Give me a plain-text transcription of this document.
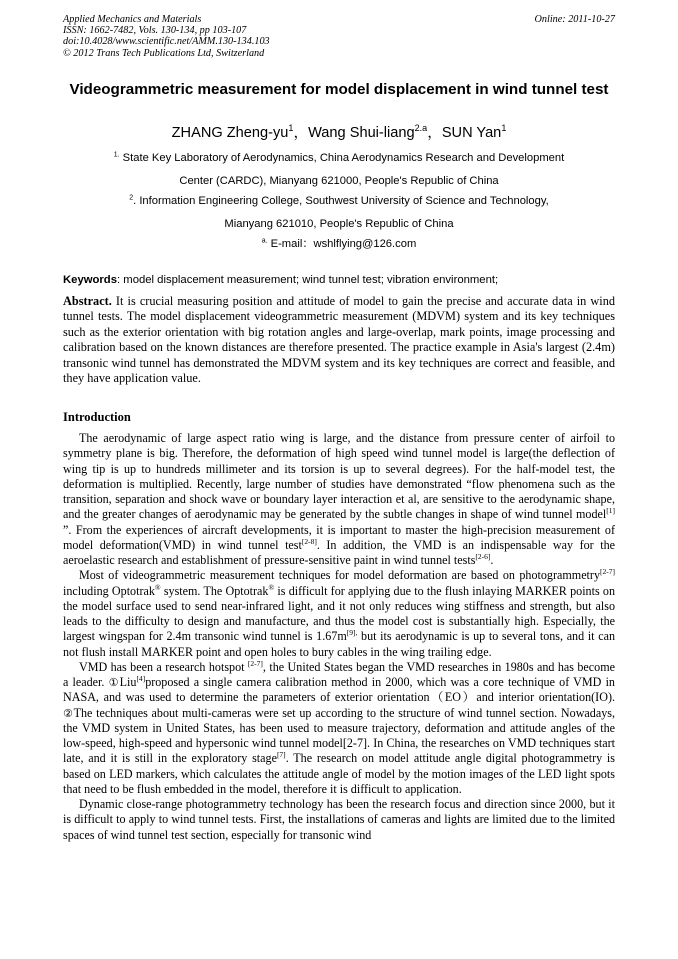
Applied Mechanics and Materials
ISSN: 1662-7482, Vols. 130-134, pp 103-107
doi:10.4028/www.scientific.net/AMM.130-134.103
© 2012 Trans Tech Publications Ltd, Switzerland
Online: 2011-10-27
Videogrammetric measurement for model displacement in wind tunnel test
ZHANG Zheng-$yu^1$，Wang Shui-liang$^{2.a}$，SUN Yan$^1$
$^{1.}$ State Key Laboratory of Aerodynamics, China Aerodynamics Research and Development
Center (CARDC), Mianyang 621000, People's Republic of China
$^2$. Information Engineering College, Southwest University of Science and Technology,
Mianyang 621010, People's Republic of China
$^{a.}$ E-mail：wshlflying@126.com
Keywords: model displacement measurement; wind tunnel test; vibration environment;
Abstract. It is crucial measuring position and attitude of model to gain the precise and accurate data in wind tunnel tests. The model displacement videogrammetric measurement (MDVM) system and its key techniques such as the exterior orientation with big rotation angles and large-overlap, mark points, image processing and calibration based on the known distances are therefore presented. The practice example in Asia's largest (2.4m) transonic wind tunnel has demonstrated the MDVM system and its key techniques are correct and feasible, and they have application value.
Introduction

The aerodynamic of large aspect ratio wing is large, and the distance from pressure center of airfoil to symmetry plane is big. Therefore, the deformation of high speed wind tunnel model is large(the deflection of wing tip is up to hundreds millimeter and its torsion is up to several degrees). For the half-model test, the deformation is multiplied. Recently, large number of studies have demonstrated “flow phenomena such as the transition, separation and shock wave or boundary layer interaction et al, are sensitive to the aerodynamic shape, and the greater changes of aerodynamic may be generated by the subtle changes in shape of wind tunnel model[1] ”. From the experiences of aircraft developments, it is important to master the high-precision measurement of model deformation(VMD) in wind tunnel test[2-8]. In addition, the VMD is an indispensable way for the aeroelastic research and establishment of pressure-sensitive paint in wind tunnel tests[2-6].

Most of videogrammetric measurement techniques for model deformation are based on photogrammetry[2-7] including Optotrak® system. The Optotrak® is difficult for applying due to the flush inlaying MARKER points on the model surface used to send near-infrared light, and it not only reduces wing stiffness and strength, but also leads to the difficulty to design and manufacture, and thus the model cost is substantially high. Especially, the largest wingspan for 2.4m transonic wind tunnel is $1.67m^{[9],}$ but its aerodynamic is up to several tons, and it can not flush install MARKER point and open holes to bury cables in the wing trailing edge.

VMD has been a research hotspot [2-7], the United States began the VMD researches in 1980s and has become a leader. ①Liu[4]proposed a single camera calibration method in 2000, which was a core technique of VMD in NASA, and was used to determine the parameters of exterior orientation（EO）and interior orientation(IO). ②The techniques about multi-cameras were set up according to the structure of wind tunnel section. Nowadays, the VMD system in United States, has been used to measure trajectory, deformation and attitude angles of the low-speed, high-speed and hypersonic wind tunnel model[2-7]. In China, the researches on VMD techniques start late, and it is still in the exploratory stage[7]. The research on model attitude angle digital photogrammetry is based on LED markers, which calculates the attitude angle of model by the motion images of the LED light spots that need to be flush embedded in the model, therefore it is difficult to application.

Dynamic close-range photogrammetry technology has been the research focus and direction since 2000, but it is difficult to apply to wind tunnel tests. First, the installations of cameras and lights are limited due to the limited spaces of wind tunnel test section, especially for transonic wind
